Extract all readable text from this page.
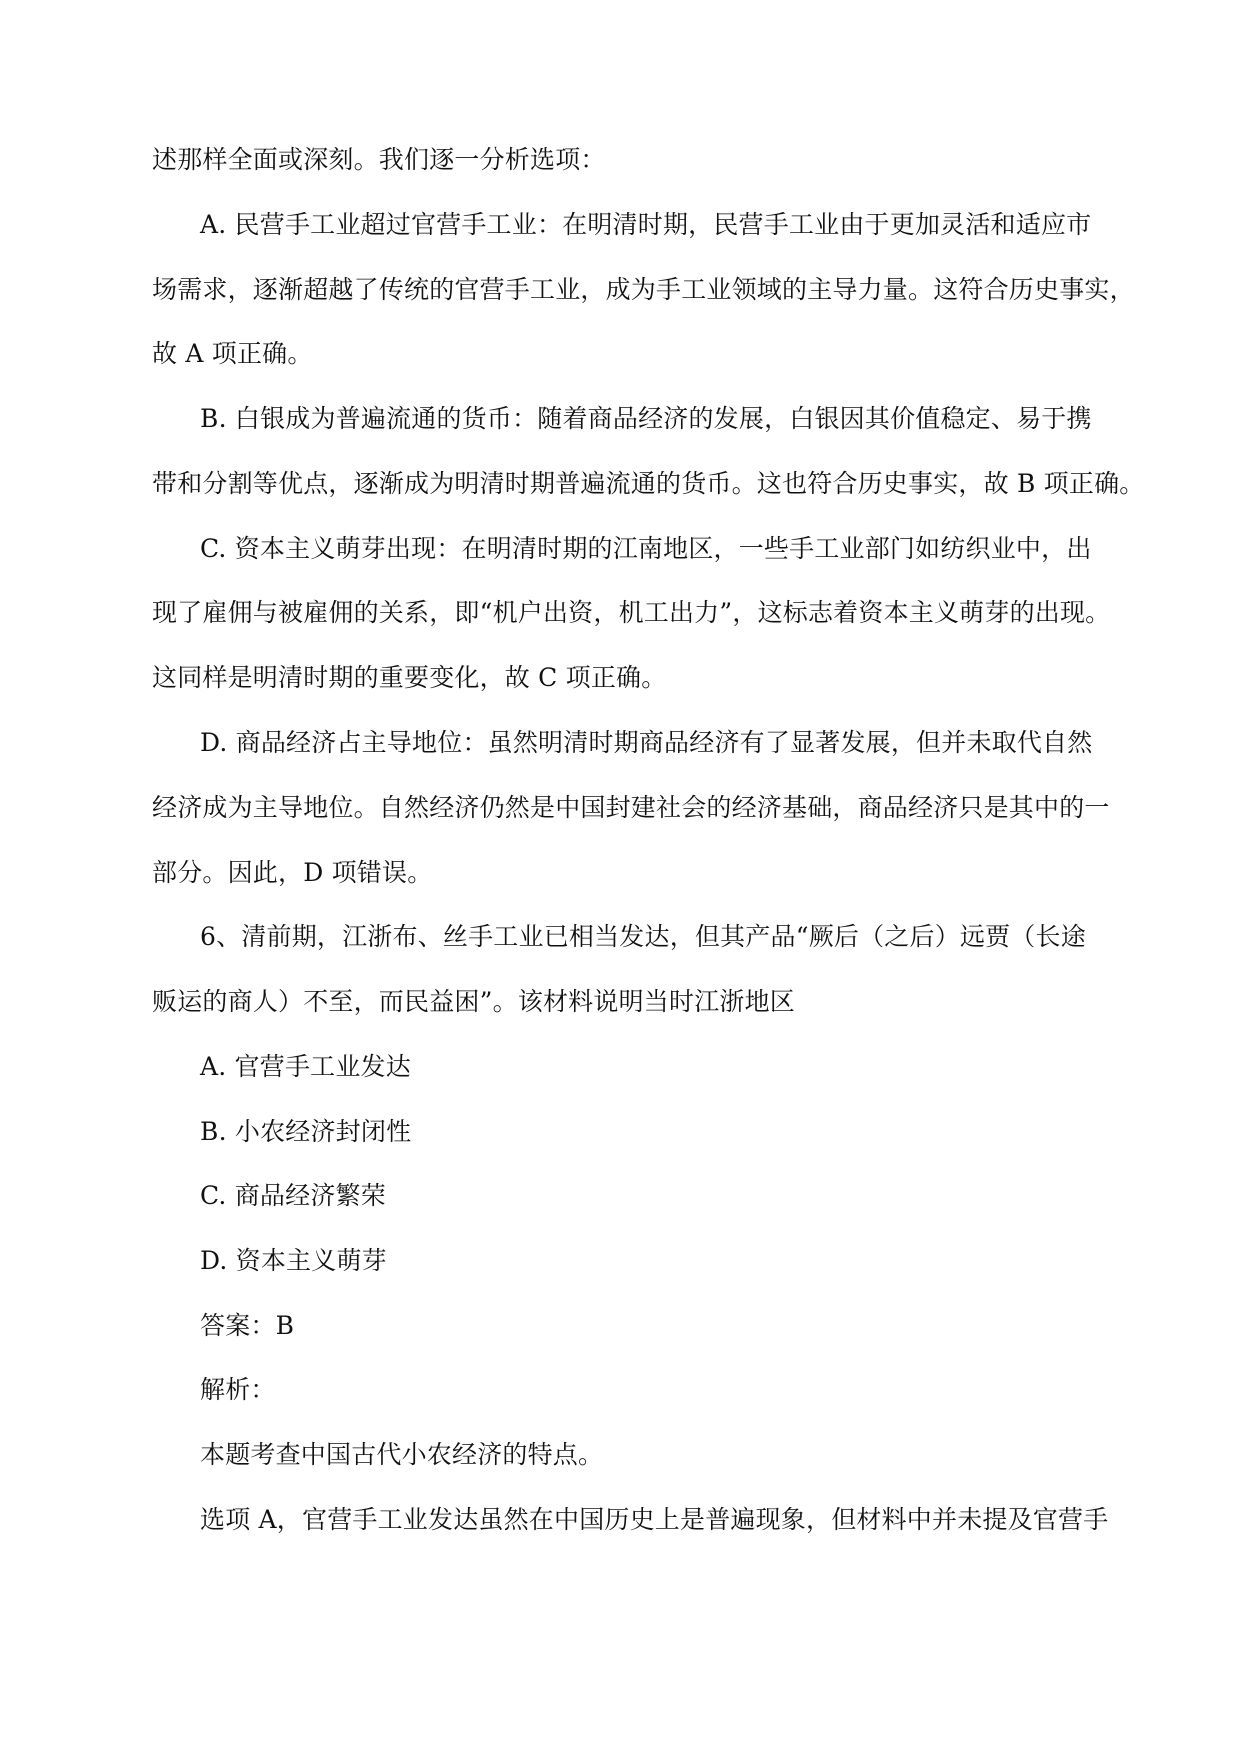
述那样全面或深刻。我们逐一分析选项：

A. 民营手工业超过官营手工业：在明清时期，民营手工业由于更加灵活和适应市

场需求，逐渐超越了传统的官营手工业，成为手工业领域的主导力量。这符合历史事实，

故 A 项正确。

B. 白银成为普遍流通的货币：随着商品经济的发展，白银因其价值稳定、易于携

带和分割等优点，逐渐成为明清时期普遍流通的货币。这也符合历史事实，故 B 项正确。

C. 资本主义萌芽出现：在明清时期的江南地区，一些手工业部门如纺织业中，出

现了雇佣与被雇佣的关系，即“机户出资，机工出力”，这标志着资本主义萌芽的出现。

这同样是明清时期的重要变化，故 C 项正确。

D. 商品经济占主导地位：虽然明清时期商品经济有了显著发展，但并未取代自然

经济成为主导地位。自然经济仍然是中国封建社会的经济基础，商品经济只是其中的一

部分。因此，D 项错误。

6、清前期，江浙布、丝手工业已相当发达，但其产品“厥后（之后）远贾（长途

贩运的商人）不至，而民益困”。该材料说明当时江浙地区

A. 官营手工业发达

B. 小农经济封闭性

C. 商品经济繁荣

D. 资本主义萌芽

答案：B

解析：

本题考查中国古代小农经济的特点。

选项 A，官营手工业发达虽然在中国历史上是普遍现象，但材料中并未提及官营手
